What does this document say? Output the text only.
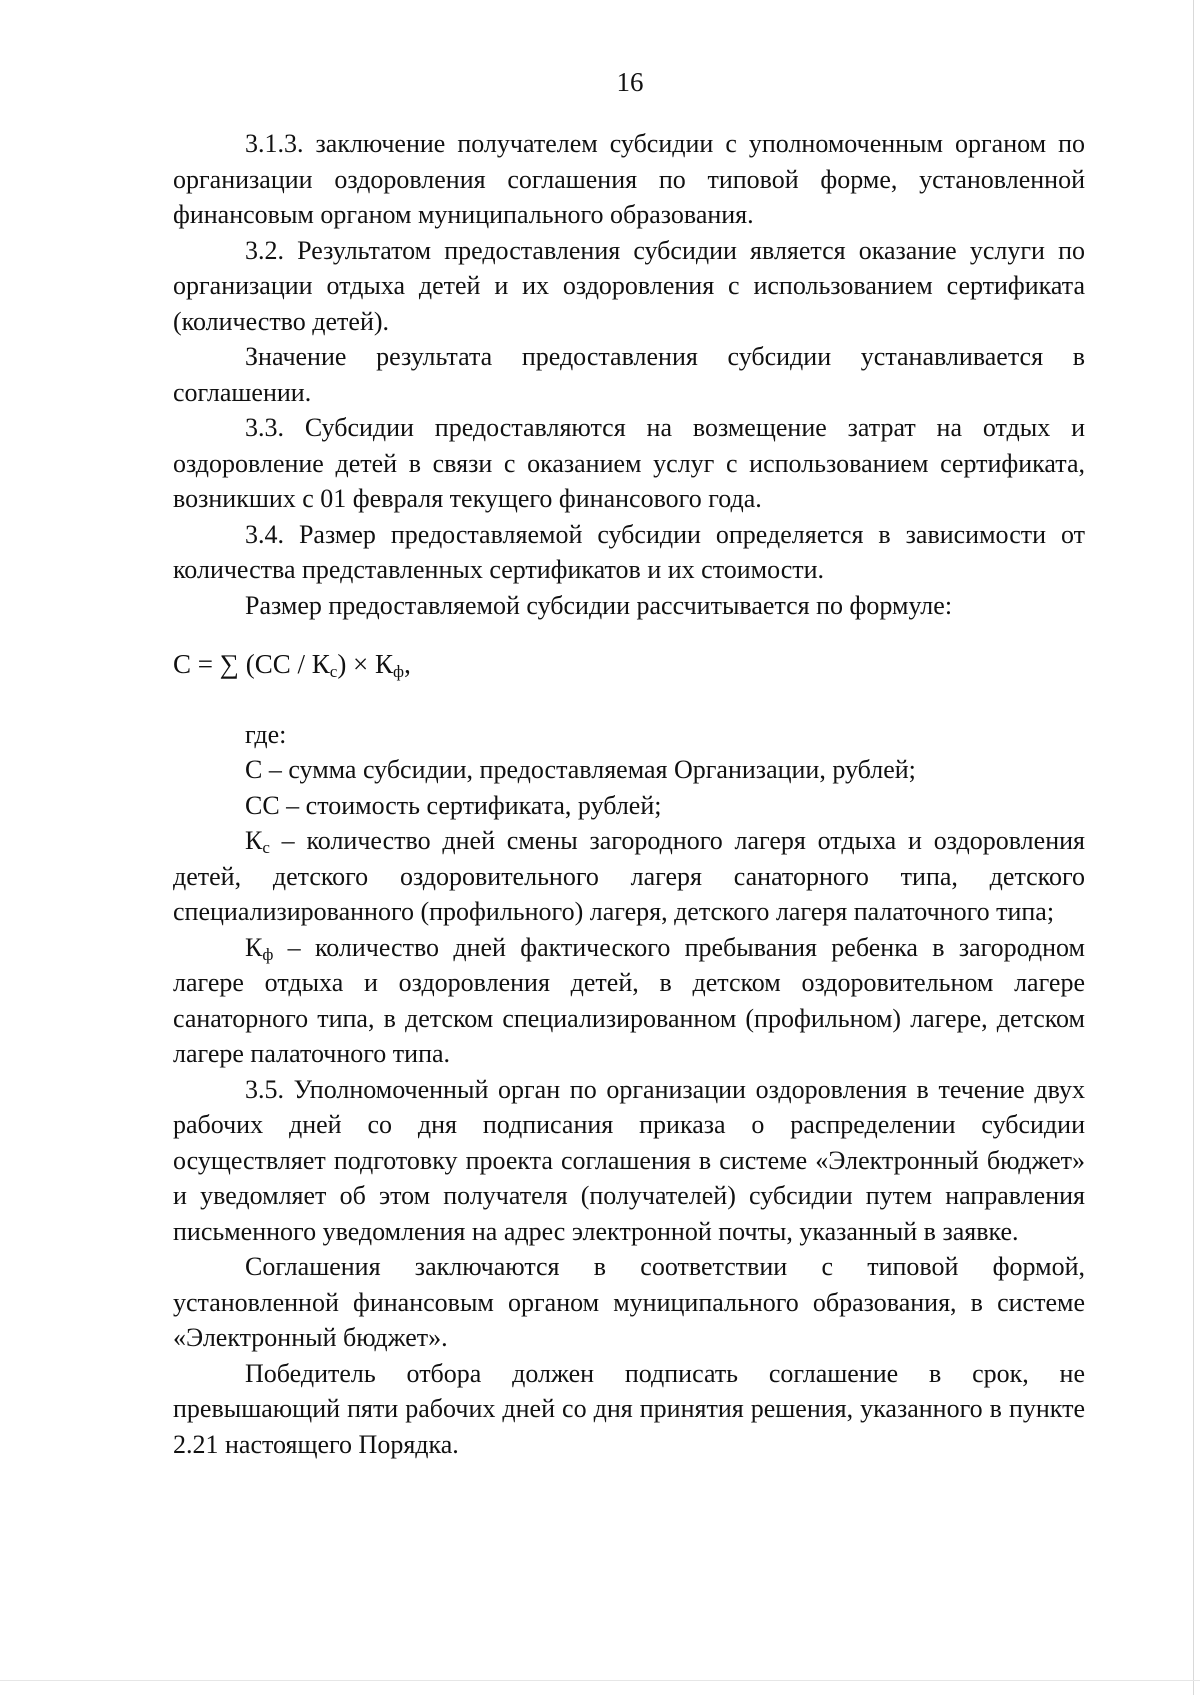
16

3.1.3. заключение получателем субсидии с уполномоченным органом по организации оздоровления соглашения по типовой форме, установленной финансовым органом муниципального образования.

3.2. Результатом предоставления субсидии является оказание услуги по организации отдыха детей и их оздоровления с использованием сертификата (количество детей).

Значение результата предоставления субсидии устанавливается в соглашении.

3.3. Субсидии предоставляются на возмещение затрат на отдых и оздоровление детей в связи с оказанием услуг с использованием сертификата, возникших с 01 февраля текущего финансового года.

3.4. Размер предоставляемой субсидии определяется в зависимости от количества представленных сертификатов и их стоимости.

Размер предоставляемой субсидии рассчитывается по формуле:

С = ∑ $(СС / К_с) \times К_ф$,

где:

С – сумма субсидии, предоставляемая Организации, рублей;

СС – стоимость сертификата, рублей;

$К_с$ – количество дней смены загородного лагеря отдыха и оздоровления детей, детского оздоровительного лагеря санаторного типа, детского специализированного (профильного) лагеря, детского лагеря палаточного типа;

$К_ф$ – количество дней фактического пребывания ребенка в загородном лагере отдыха и оздоровления детей, в детском оздоровительном лагере санаторного типа, в детском специализированном (профильном) лагере, детском лагере палаточного типа.

3.5. Уполномоченный орган по организации оздоровления в течение двух рабочих дней со дня подписания приказа о распределении субсидии осуществляет подготовку проекта соглашения в системе «Электронный бюджет» и уведомляет об этом получателя (получателей) субсидии путем направления письменного уведомления на адрес электронной почты, указанный в заявке.

Соглашения заключаются в соответствии с типовой формой, установленной финансовым органом муниципального образования, в системе «Электронный бюджет».

Победитель отбора должен подписать соглашение в срок, не превышающий пяти рабочих дней со дня принятия решения, указанного в пункте 2.21 настоящего Порядка.
